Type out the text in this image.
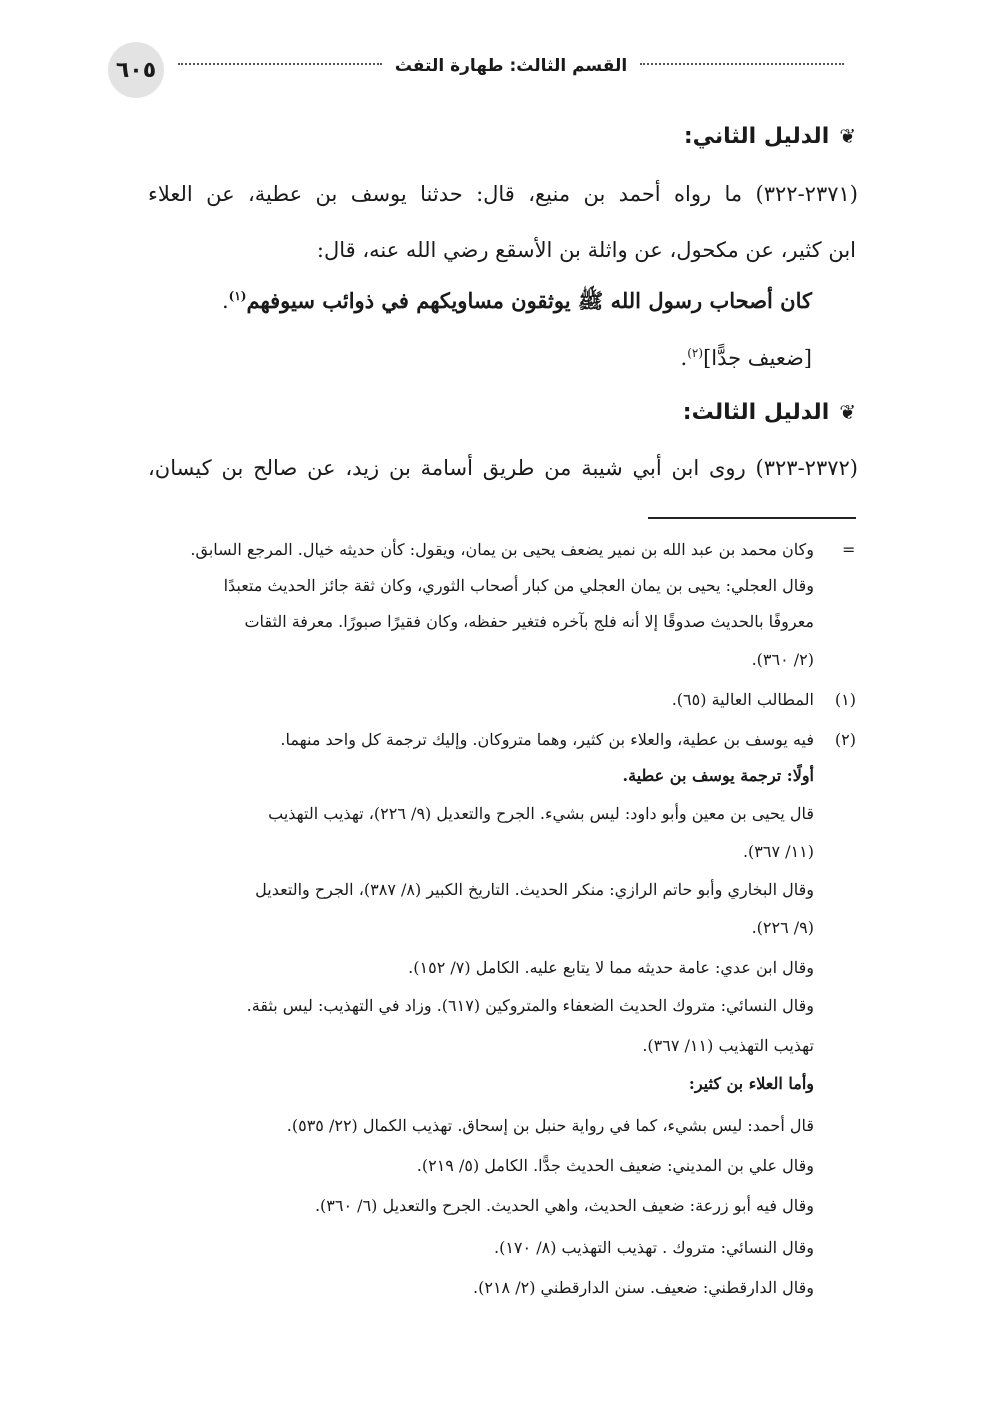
٦٠٥	القسم الثالث: طهارة التفث
❦الدليل الثاني:
(٢٣٧١-٣٢٢) ما رواه أحمد بن منيع، قال: حدثنا يوسف بن عطية، عن العلاء
ابن كثير، عن مكحول، عن واثلة بن الأسقع رضي الله عنه، قال:
كان أصحاب رسول الله ﷺ يوثقون مساويكهم في ذوائب سيوفهم$^{(١)}$.
[ضعيف جدًّا]$^{(٢)}$.
❦الدليل الثالث:
(٢٣٧٢-٣٢٣) روى ابن أبي شيبة من طريق أسامة بن زيد، عن صالح بن كيسان،
=
وكان محمد بن عبد الله بن نمير يضعف يحيى بن يمان، ويقول: كأن حديثه خيال. المرجع السابق.
وقال العجلي: يحيى بن يمان العجلي من كبار أصحاب الثوري، وكان ثقة جائز الحديث متعبدًا
معروفًا بالحديث صدوقًا إلا أنه فلج بآخره فتغير حفظه، وكان فقيرًا صبورًا. معرفة الثقات
(٢/ ٣٦٠).
(١)
المطالب العالية (٦٥).
(٢)
فيه يوسف بن عطية، والعلاء بن كثير، وهما متروكان. وإليك ترجمة كل واحد منهما.
أولًا: ترجمة يوسف بن عطية.
قال يحيى بن معين وأبو داود: ليس بشيء. الجرح والتعديل (٩/ ٢٢٦)، تهذيب التهذيب
(١١/ ٣٦٧).
وقال البخاري وأبو حاتم الرازي: منكر الحديث. التاريخ الكبير (٨/ ٣٨٧)، الجرح والتعديل
(٩/ ٢٢٦).
وقال ابن عدي: عامة حديثه مما لا يتابع عليه. الكامل (٧/ ١٥٢).
وقال النسائي: متروك الحديث الضعفاء والمتروكين (٦١٧). وزاد في التهذيب: ليس بثقة.
تهذيب التهذيب (١١/ ٣٦٧).
وأما العلاء بن كثير:
قال أحمد: ليس بشيء، كما في رواية حنبل بن إسحاق. تهذيب الكمال (٢٢/ ٥٣٥).
وقال علي بن المديني: ضعيف الحديث جدًّا. الكامل (٥/ ٢١٩).
وقال فيه أبو زرعة: ضعيف الحديث، واهي الحديث. الجرح والتعديل (٦/ ٣٦٠).
وقال النسائي: متروك . تهذيب التهذيب (٨/ ١٧٠).
وقال الدارقطني: ضعيف. سنن الدارقطني (٢/ ٢١٨).
